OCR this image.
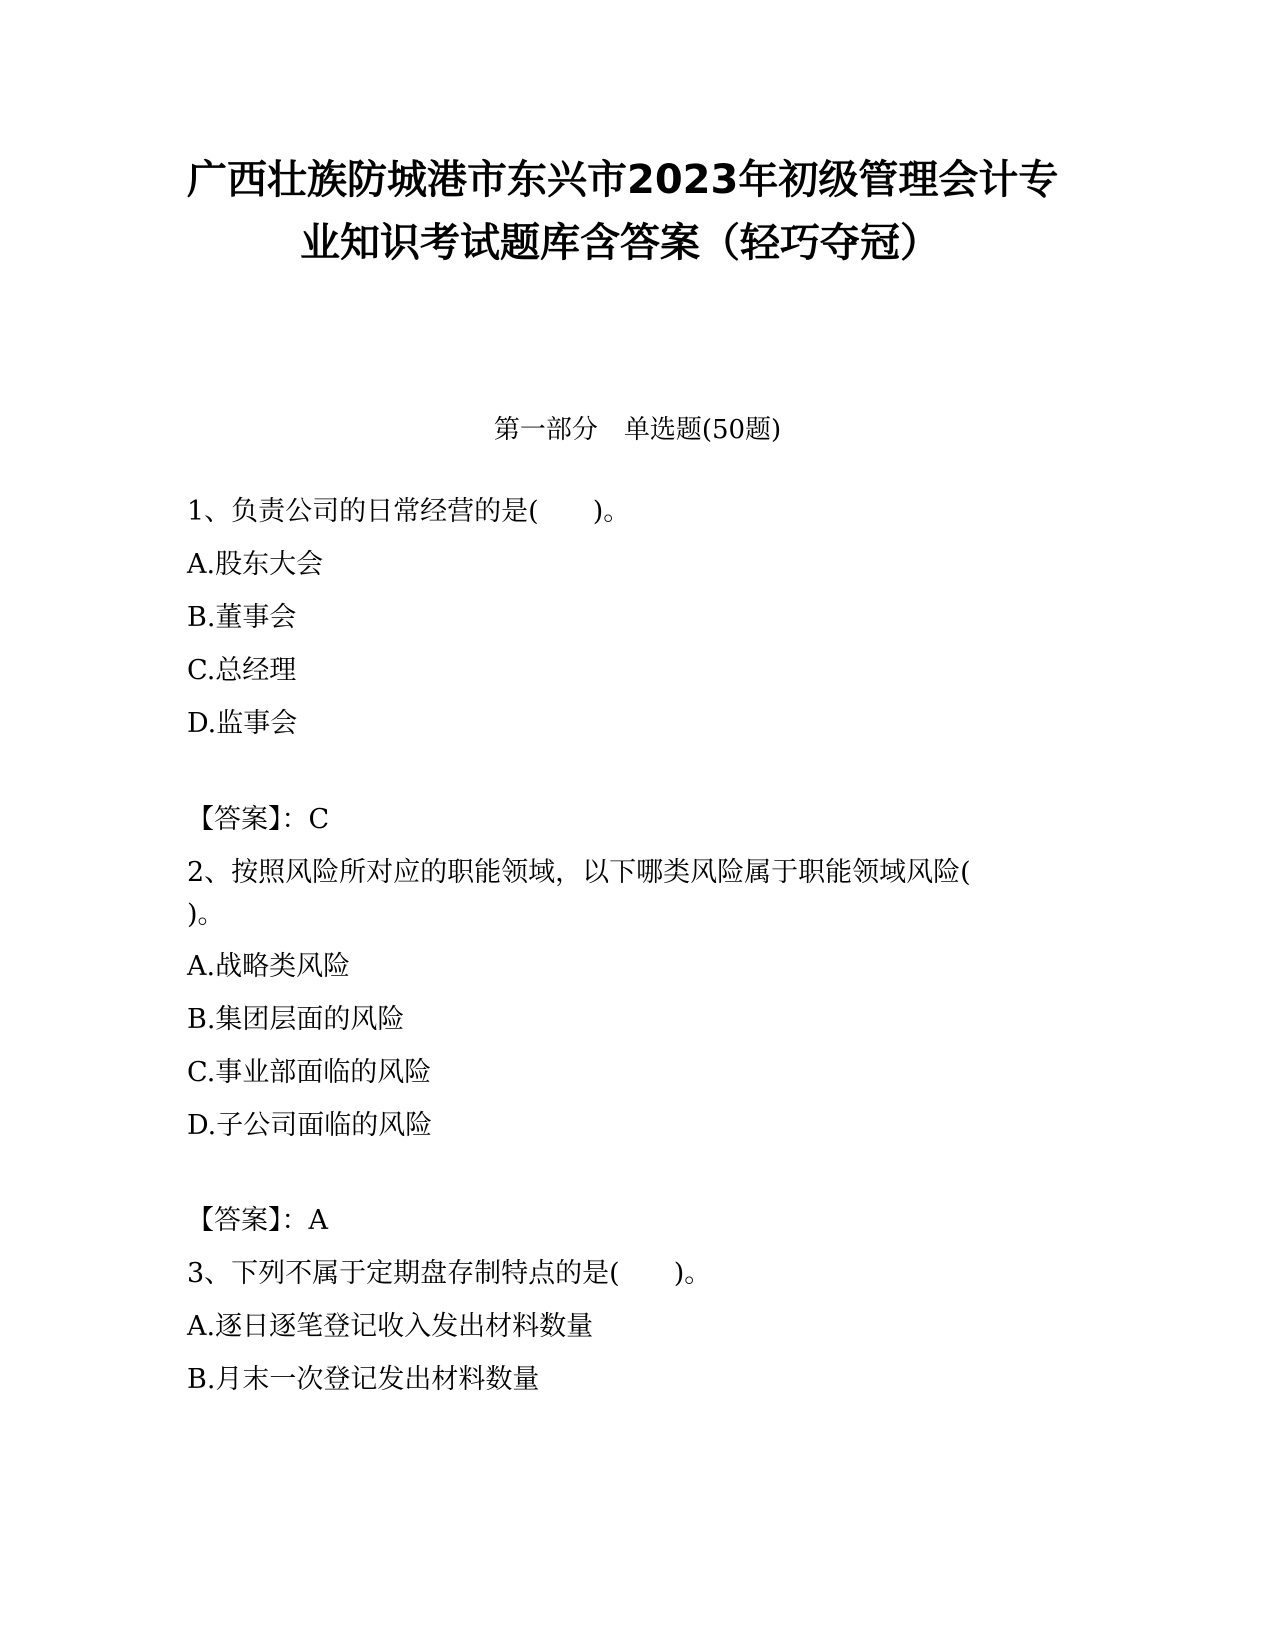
广西壮族防城港市东兴市2023年初级管理会计专
业知识考试题库含答案（轻巧夺冠）
第一部分　单选题(50题)
1、负责公司的日常经营的是(　　)。
A.股东大会
B.董事会
C.总经理
D.监事会
【答案】：C
2、按照风险所对应的职能领域，以下哪类风险属于职能领域风险(
)。
A.战略类风险
B.集团层面的风险
C.事业部面临的风险
D.子公司面临的风险
【答案】：A
3、下列不属于定期盘存制特点的是(　　)。
A.逐日逐笔登记收入发出材料数量
B.月末一次登记发出材料数量
